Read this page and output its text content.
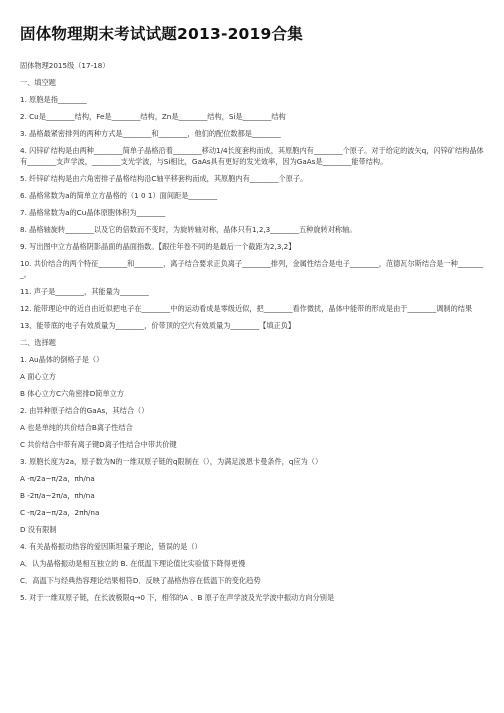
固体物理期末考试试题2013-2019合集

固体物理2015级（17-18）

一、填空题

1. 原胞是指________

2. Cu是________结构，Fe是________结构，Zn是________结构，Si是________结构

3. 晶格最紧密排列的两种方式是________和________，他们的配位数都是________

4. 闪锌矿结构是由两种________简单子晶格沿着________移动1/4长度套构而成，其原胞内有________个原子。对于给定的波矢q，闪锌矿结构晶体有________支声学波，________支光学波，与Si相比，GaAs具有更好的发光效率，因为GaAs是________能带结构。

5. 纤锌矿结构是由六角密排子晶格结构沿C轴平移套构而成，其原胞内有________个原子。

6. 晶格常数为a的简单立方晶格的（1 0 1）面间距是________

7. 晶格常数为a的Cu晶体原胞体积为________

8. 晶格轴旋转________以及它的倍数而不变时，为旋转轴对称，晶体只有1,2,3________五种旋转对称轴。

9. 写出图中立方晶格阴影晶面的晶面指数。【跟往年卷不同的是最后一个截距为2,3,2】

10. 共价结合的两个特征________和________，离子结合要求正负离子________排列，金属性结合是电子________，范德瓦尔斯结合是一种________。

11. 声子是________，其能量为________

12. 能带理论中的近自由近似把电子在________中的运动看成是零级近似，把________看作微扰，晶体中能带的形成是由于________调制的结果

13、能带底的电子有效质量为________，价带顶的空穴有效质量为________【填正负】

二、选择题

1. Au晶体的倒格子是（）

A 面心立方

B 体心立方C六角密排D简单立方

2. 由异种原子结合的GaAs，其结合（）

A 也是单纯的共价结合B离子性结合

C 共价结合中带有离子键D离子性结合中带共价键

3. 原胞长度为2a，原子数为N的一维双原子链的q限制在（），为满足波恩卡曼条件，q应为（）

A -π/2a~π/2a，πh/na

B -2π/a~2π/a，πh/na

C -π/2a~π/2a，2πh/na

D 没有限制

4. 有关晶格振动热容的爱因斯坦量子理论，错误的是（）

A．认为晶格振动是相互独立的 B. 在低温下理论值比实验值下降得更慢

C．高温下与经典热容理论结果相符D．反映了晶格热容在低温下的变化趋势

5. 对于一维双原子链，在长波极限q→0 下，相邻的A 、B 原子在声学波及光学波中振动方向分别是
